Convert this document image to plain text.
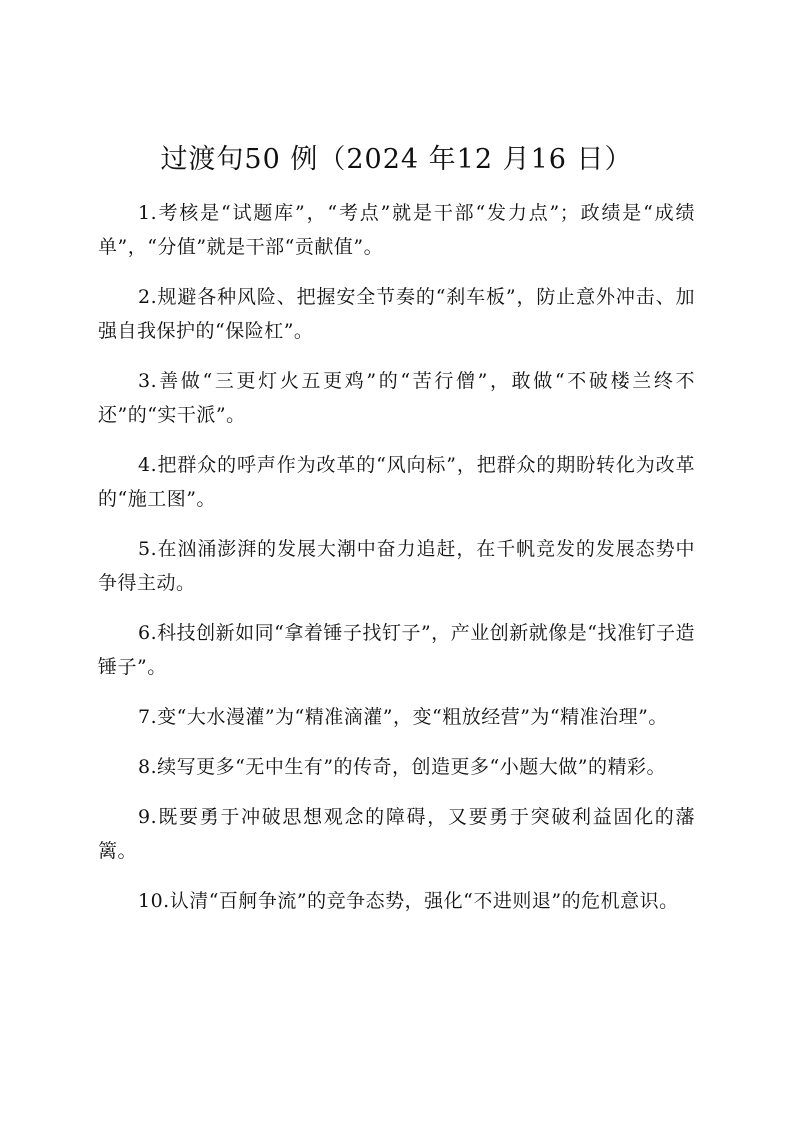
过渡句50 例（2024 年12 月16 日）
1.考核是“试题库”，“考点”就是干部“发力点”；政绩是“成绩单”，“分值”就是干部“贡献值”。
2.规避各种风险、把握安全节奏的“刹车板”，防止意外冲击、加强自我保护的“保险杠”。
3.善做“三更灯火五更鸡”的“苦行僧”，敢做“不破楼兰终不还”的“实干派”。
4.把群众的呼声作为改革的“风向标”，把群众的期盼转化为改革的“施工图”。
5.在汹涌澎湃的发展大潮中奋力追赶，在千帆竞发的发展态势中争得主动。
6.科技创新如同“拿着锤子找钉子”，产业创新就像是“找准钉子造锤子”。
7.变“大水漫灌”为“精准滴灌”，变“粗放经营”为“精准治理”。
8.续写更多“无中生有”的传奇，创造更多“小题大做”的精彩。
9.既要勇于冲破思想观念的障碍，又要勇于突破利益固化的藩篱。
10.认清“百舸争流”的竞争态势，强化“不进则退”的危机意识。
